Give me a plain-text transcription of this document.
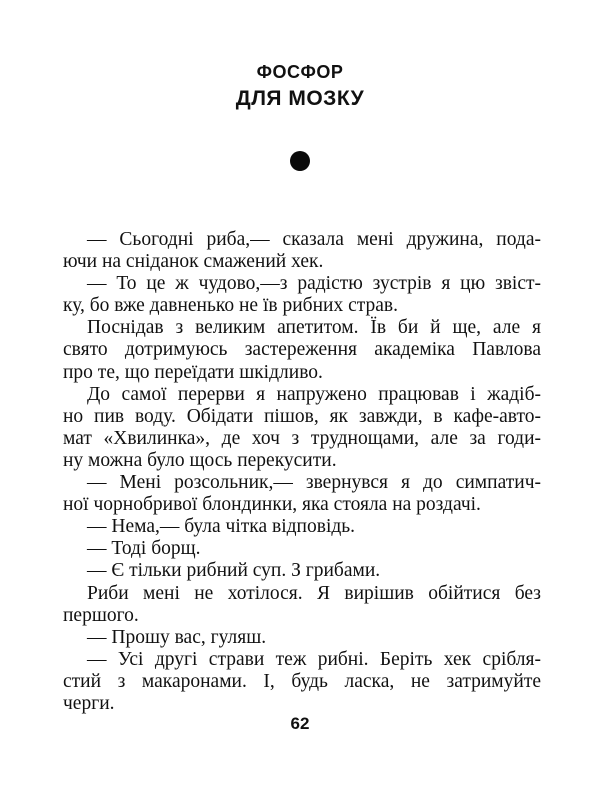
ФОСФОР
ДЛЯ МОЗКУ
— Сьогодні риба,— сказала мені дружина, пода-
ючи на сніданок смажений хек.
— То це ж чудово,—з радістю зустрів я цю звіст-
ку, бо вже давненько не їв рибних страв.
Поснідав з великим апетитом. Їв би й ще, але я
свято дотримуюсь застереження академіка Павлова
про те, що переїдати шкідливо.
До самої перерви я напружено працював і жадіб-
но пив воду. Обідати пішов, як завжди, в кафе-авто-
мат «Хвилинка», де хоч з труднощами, але за годи-
ну можна було щось перекусити.
— Мені розсольник,— звернувся я до симпатич-
ної чорнобривої блондинки, яка стояла на роздачі.
— Нема,— була чітка відповідь.
— Тоді борщ.
— Є тільки рибний суп. З грибами.
Риби мені не хотілося. Я вирішив обійтися без
першого.
— Прошу вас, гуляш.
— Усі другі страви теж рибні. Беріть хек срібля-
стий з макаронами. І, будь ласка, не затримуйте
черги.
62
